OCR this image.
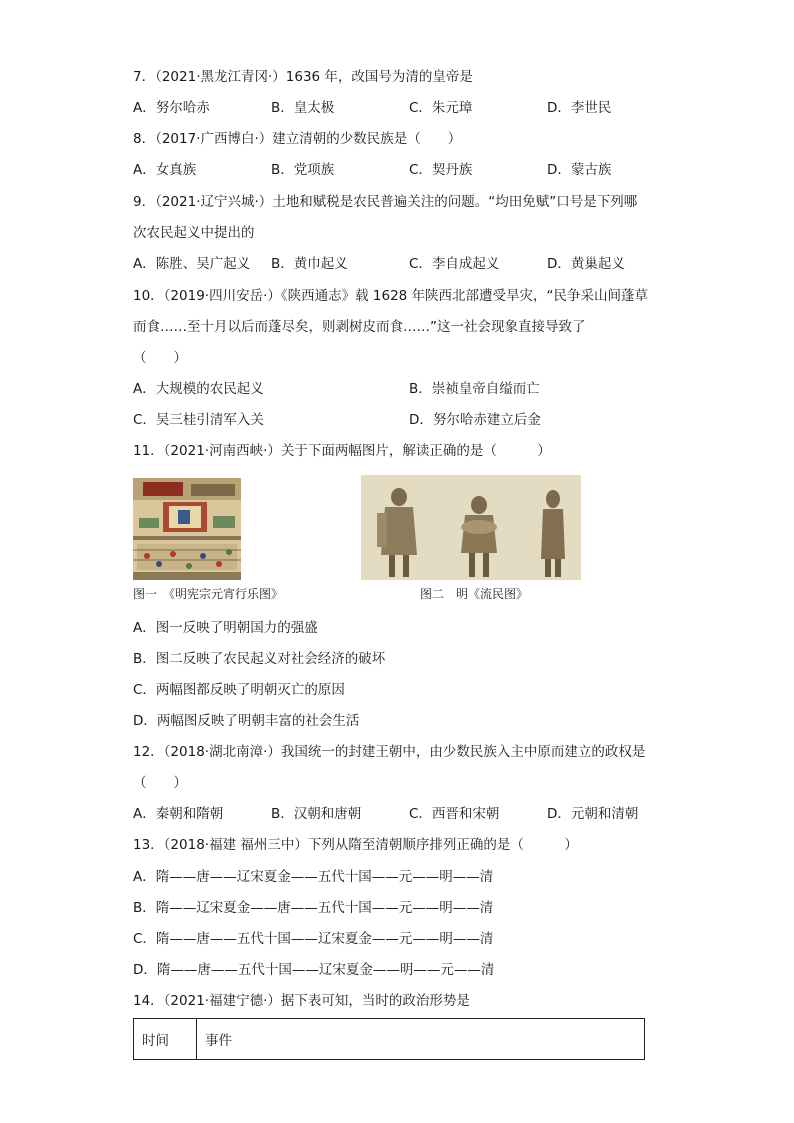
7．（2021·黑龙江青冈·）1636 年，改国号为清的皇帝是
A．努尔哈赤	B．皇太极	C．朱元璋	D．李世民
8．（2017·广西博白·）建立清朝的少数民族是（　　）
A．女真族	B．党项族	C．契丹族	D．蒙古族
9．（2021·辽宁兴城·）土地和赋税是农民普遍关注的问题。“均田免赋”口号是下列哪
次农民起义中提出的
A．陈胜、吴广起义 B．黄巾起义	C．李自成起义	D．黄巢起义
10．（2019·四川安岳·）《陕西通志》载 1628 年陕西北部遭受旱灾，“民争采山间蓬草
而食……至十月以后而蓬尽矣，则剥树皮而食……”这一社会现象直接导致了
（　　）
A．大规模的农民起义	B．崇祯皇帝自缢而亡
C．吴三桂引清军入关	D．努尔哈赤建立后金
11．（2021·河南西峡·）关于下面两幅图片，解读正确的是（　　　）
图一　《明宪宗元宵行乐图》	图二　明《流民图》
A．图一反映了明朝国力的强盛
B．图二反映了农民起义对社会经济的破坏
C．两幅图都反映了明朝灭亡的原因
D．两幅图反映了明朝丰富的社会生活
12．（2018·湖北南漳·）我国统一的封建王朝中，由少数民族入主中原而建立的政权是
（　　）
A．秦朝和隋朝	B．汉朝和唐朝	C．西晋和宋朝	D．元朝和清朝
13．（2018·福建 福州三中）下列从隋至清朝顺序排列正确的是（　　　）
A．隋——唐——辽宋夏金——五代十国——元——明——清
B．隋——辽宋夏金——唐——五代十国——元——明——清
C．隋——唐——五代十国——辽宋夏金——元——明——清
D．隋——唐——五代十国——辽宋夏金——明——元——清
14．（2021·福建宁德·）据下表可知，当时的政治形势是
时间	事件
